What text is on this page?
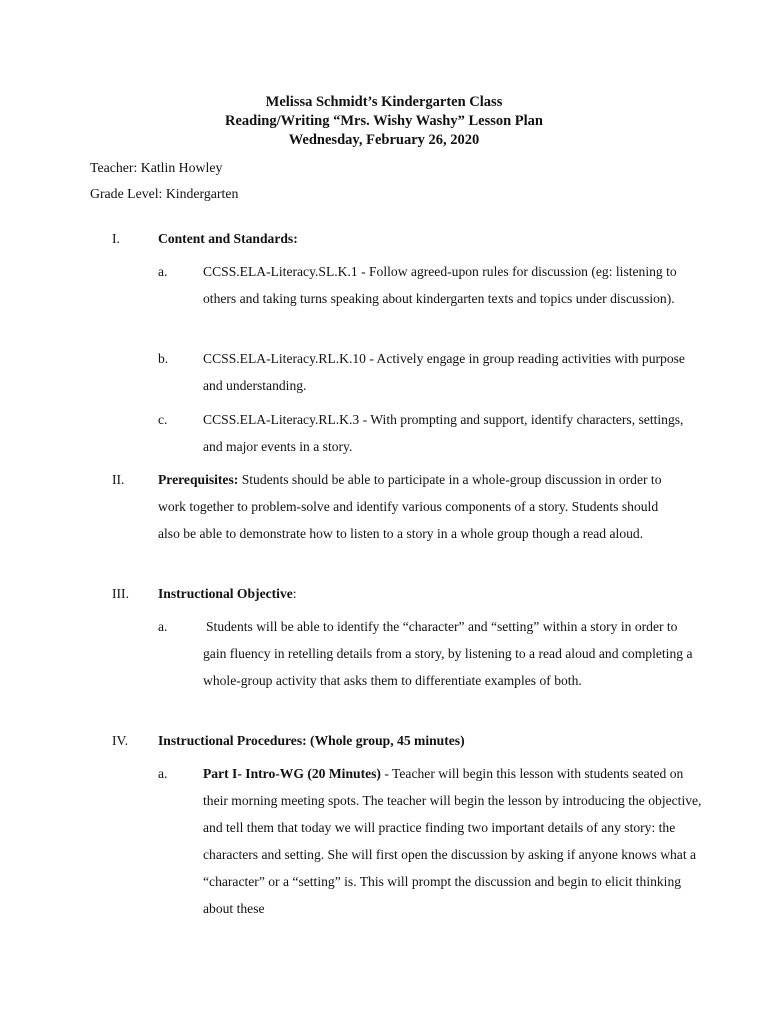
Melissa Schmidt’s Kindergarten Class
Reading/Writing “Mrs. Wishy Washy” Lesson Plan
Wednesday, February 26, 2020
Teacher: Katlin Howley
Grade Level: Kindergarten
I.	Content and Standards:
a.	CCSS.ELA-Literacy.SL.K.1 - Follow agreed-upon rules for discussion (eg: listening to others and taking turns speaking about kindergarten texts and topics under discussion).
b.	CCSS.ELA-Literacy.RL.K.10 - Actively engage in group reading activities with purpose and understanding.
c.	CCSS.ELA-Literacy.RL.K.3 - With prompting and support, identify characters, settings, and major events in a story.
II. Prerequisites: Students should be able to participate in a whole-group discussion in order to work together to problem-solve and identify various components of a story. Students should also be able to demonstrate how to listen to a story in a whole group though a read aloud.
III. Instructional Objective:
a.	Students will be able to identify the “character” and “setting” within a story in order to gain fluency in retelling details from a story, by listening to a read aloud and completing a whole-group activity that asks them to differentiate examples of both.
IV. Instructional Procedures: (Whole group, 45 minutes)
a.	Part I- Intro-WG (20 Minutes) - Teacher will begin this lesson with students seated on their morning meeting spots. The teacher will begin the lesson by introducing the objective, and tell them that today we will practice finding two important details of any story: the characters and setting. She will first open the discussion by asking if anyone knows what a “character” or a “setting” is. This will prompt the discussion and begin to elicit thinking about these
